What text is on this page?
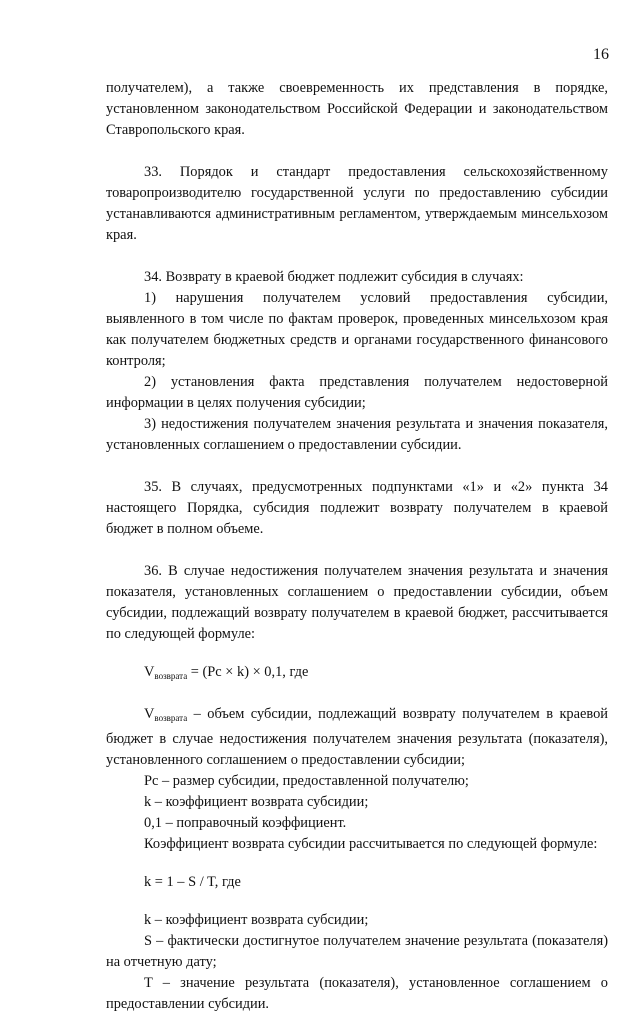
16

получателем), а также своевременность их представления в порядке, установленном законодательством Российской Федерации и законодательством Ставропольского края.

33. Порядок и стандарт предоставления сельскохозяйственному товаропроизводителю государственной услуги по предоставлению субсидии устанавливаются административным регламентом, утверждаемым минсельхозом края.

34. Возврату в краевой бюджет подлежит субсидия в случаях:

1) нарушения получателем условий предоставления субсидии, выявленного в том числе по фактам проверок, проведенных минсельхозом края как получателем бюджетных средств и органами государственного финансового контроля;

2) установления факта представления получателем недостоверной информации в целях получения субсидии;

3) недостижения получателем значения результата и значения показателя, установленных соглашением о предоставлении субсидии.

35. В случаях, предусмотренных подпунктами «1» и «2» пункта 34 настоящего Порядка, субсидия подлежит возврату получателем в краевой бюджет в полном объеме.

36. В случае недостижения получателем значения результата и значения показателя, установленных соглашением о предоставлении субсидии, объем субсидии, подлежащий возврату получателем в краевой бюджет, рассчитывается по следующей формуле:

$V_{возврата} = (Pc \times k) \times 0,1$, где

$V_{возврата}$ – объем субсидии, подлежащий возврату получателем в краевой бюджет в случае недостижения получателем значения результата (показателя), установленного соглашением о предоставлении субсидии;

Pc – размер субсидии, предоставленной получателю;

k – коэффициент возврата субсидии;

0,1 – поправочный коэффициент.

Коэффициент возврата субсидии рассчитывается по следующей формуле:

k = 1 – S / T, где

k – коэффициент возврата субсидии;

S – фактически достигнутое получателем значение результата (показателя) на отчетную дату;

T – значение результата (показателя), установленное соглашением о предоставлении субсидии.
